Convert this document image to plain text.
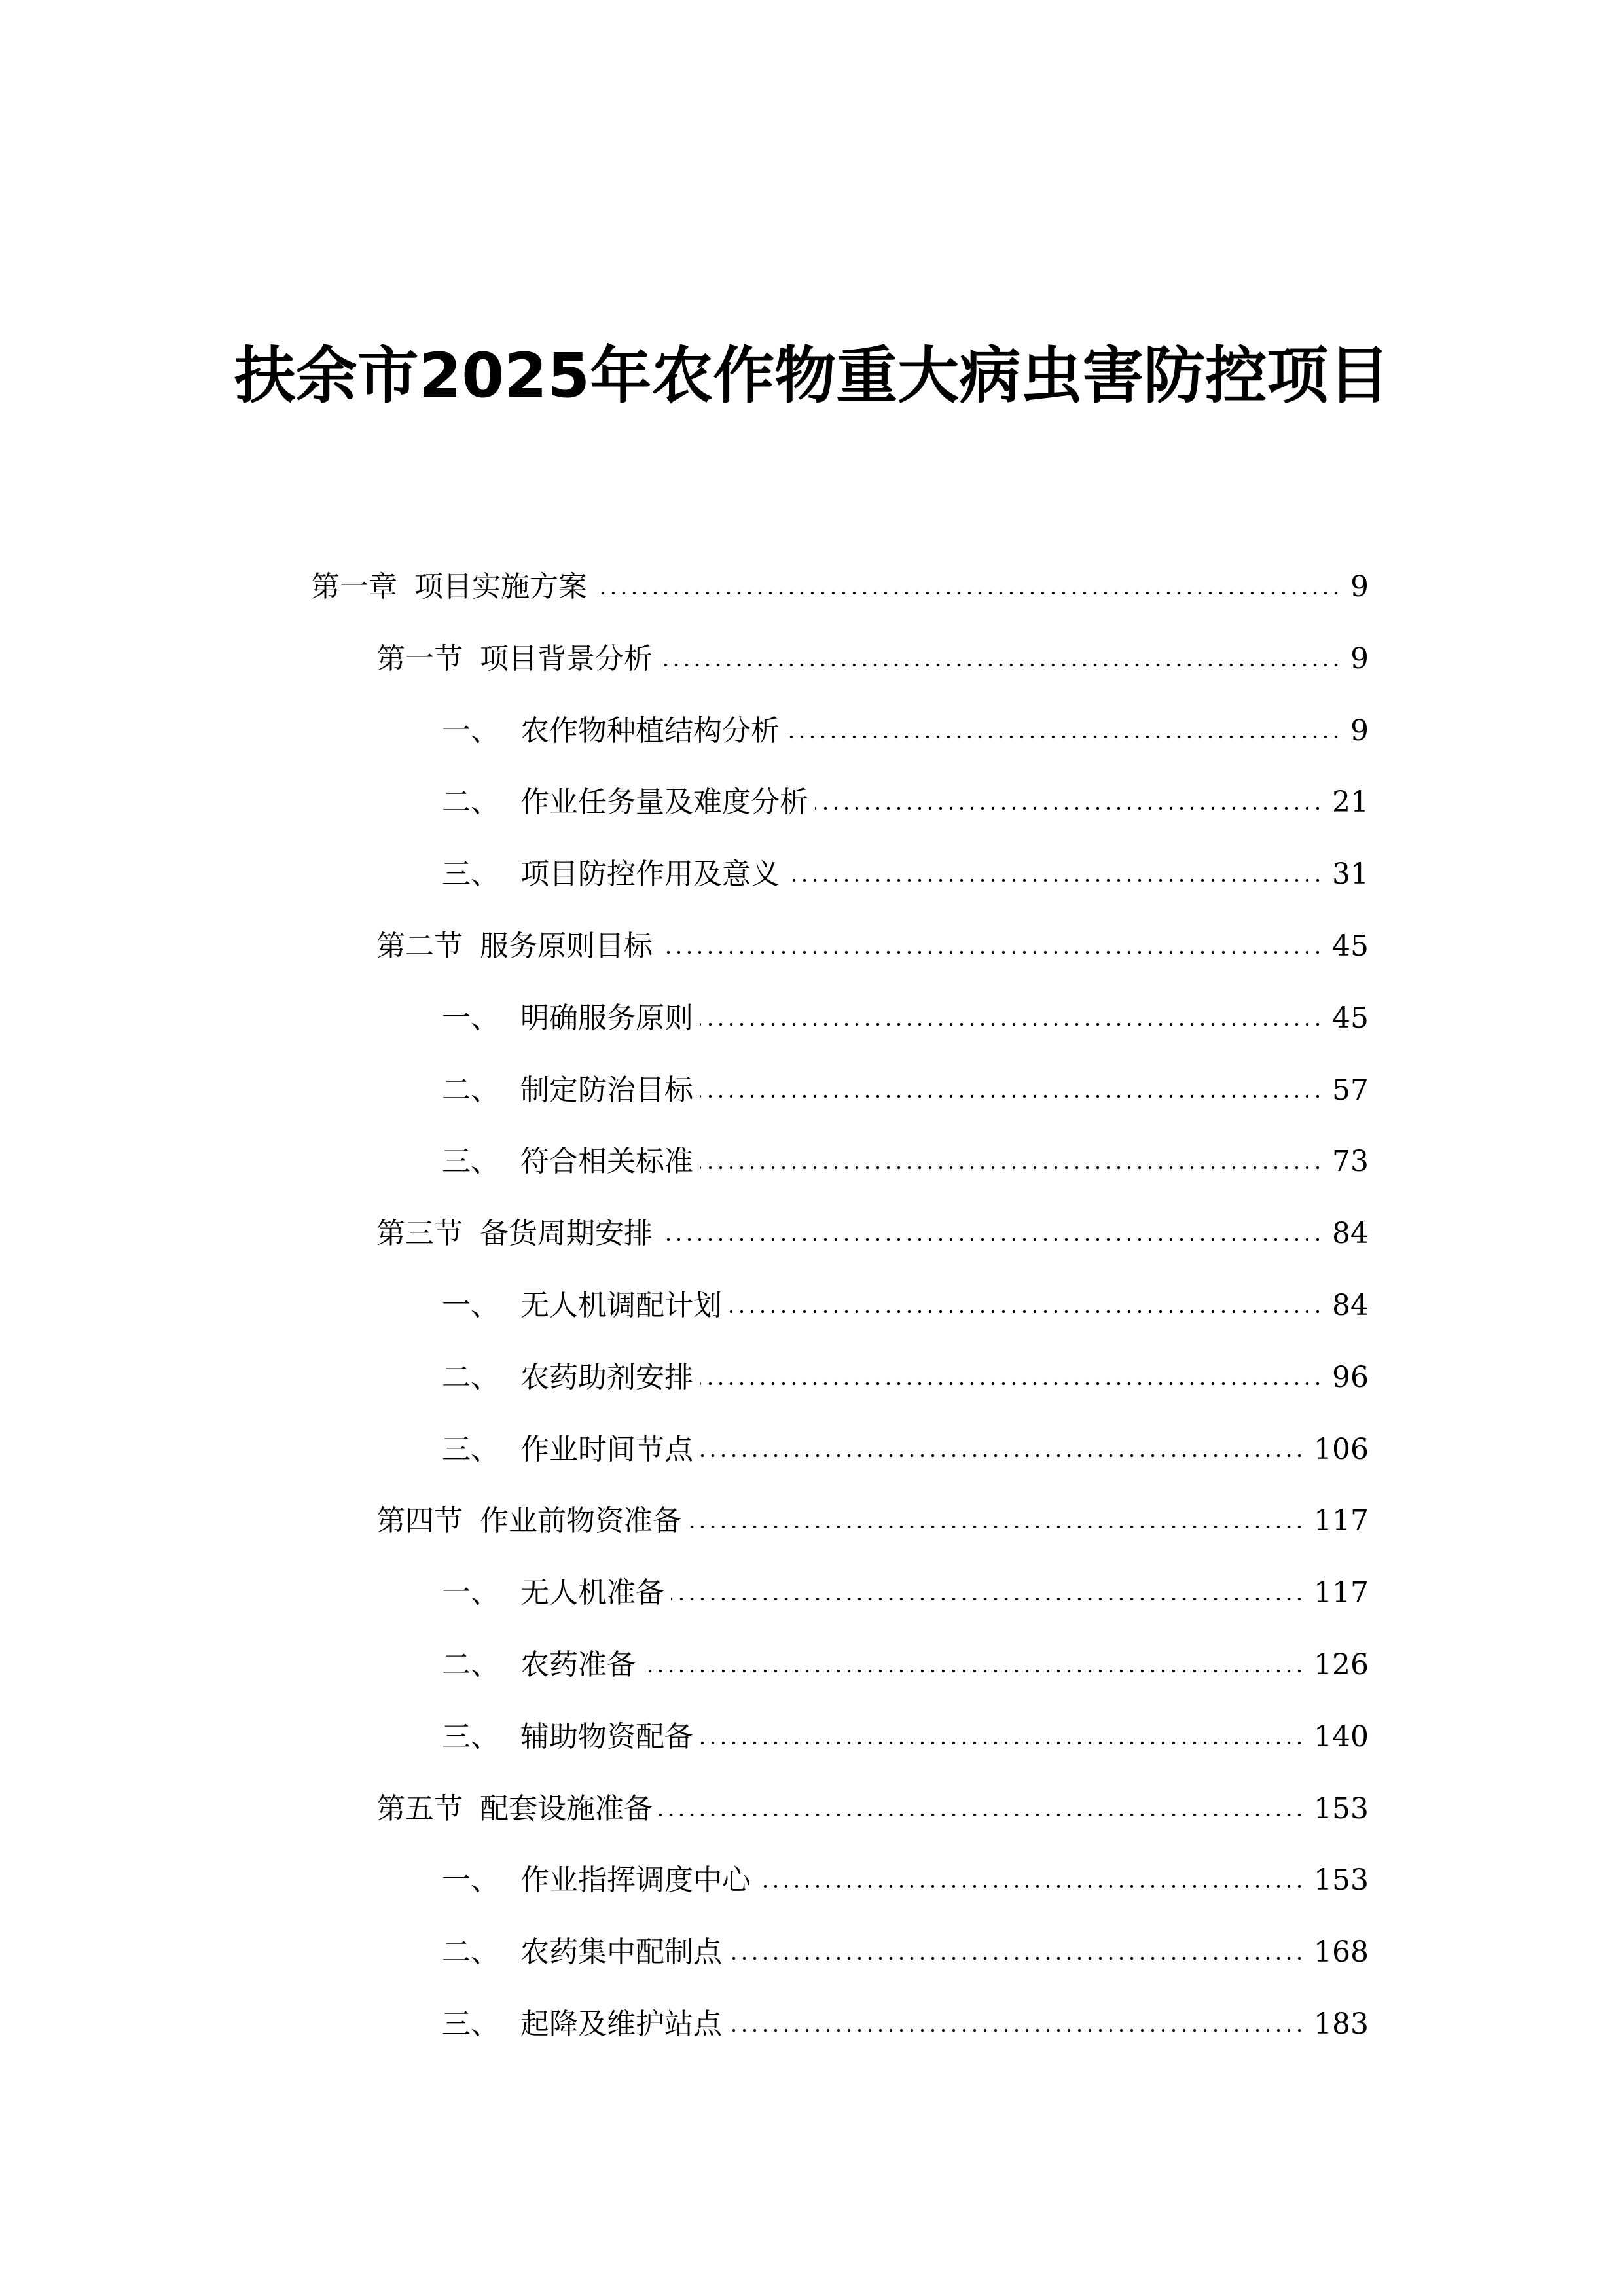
扶余市2025年农作物重大病虫害防控项目
第一章 项目实施方案	9
第一节 项目背景分析	9
一、 农作物种植结构分析	9
二、 作业任务量及难度分析	21
三、 项目防控作用及意义	31
第二节 服务原则目标	45
一、 明确服务原则	45
二、 制定防治目标	57
三、 符合相关标准	73
第三节 备货周期安排	84
一、 无人机调配计划	84
二、 农药助剂安排	96
三、 作业时间节点	106
第四节 作业前物资准备	117
一、 无人机准备	117
二、 农药准备	126
三、 辅助物资配备	140
第五节 配套设施准备	153
一、 作业指挥调度中心	153
二、 农药集中配制点	168
三、 起降及维护站点	183
